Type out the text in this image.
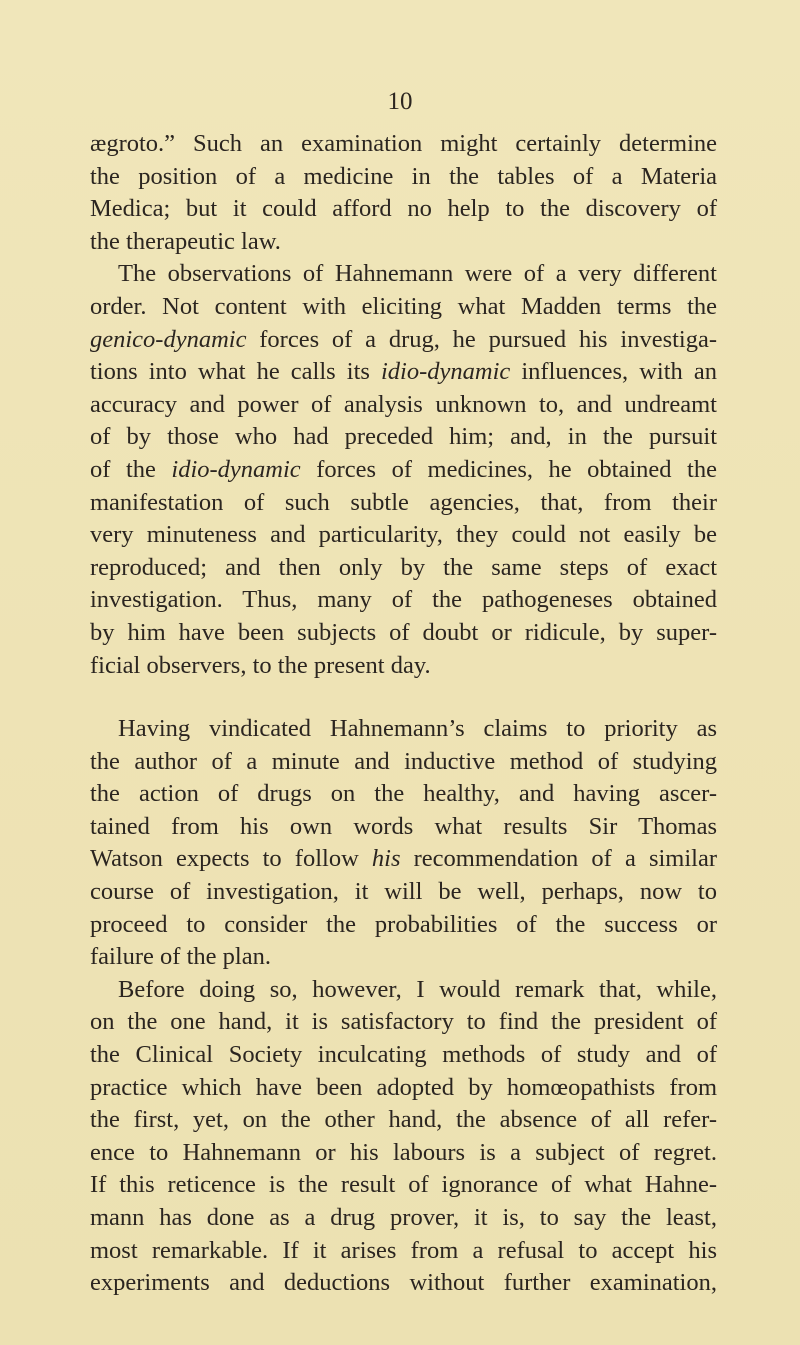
10
ægroto.” Such an examination might certainly determine
the position of a medicine in the tables of a Materia
Medica; but it could afford no help to the discovery of
the therapeutic law.
The observations of Hahnemann were of a very different
order. Not content with eliciting what Madden terms the
genico-dynamic forces of a drug, he pursued his investiga-
tions into what he calls its idio-dynamic influences, with an
accuracy and power of analysis unknown to, and undreamt
of by those who had preceded him; and, in the pursuit
of the idio-dynamic forces of medicines, he obtained the
manifestation of such subtle agencies, that, from their
very minuteness and particularity, they could not easily be
reproduced; and then only by the same steps of exact
investigation. Thus, many of the pathogeneses obtained
by him have been subjects of doubt or ridicule, by super-
ficial observers, to the present day.
Having vindicated Hahnemann’s claims to priority as
the author of a minute and inductive method of studying
the action of drugs on the healthy, and having ascer-
tained from his own words what results Sir Thomas
Watson expects to follow his recommendation of a similar
course of investigation, it will be well, perhaps, now to
proceed to consider the probabilities of the success or
failure of the plan.
Before doing so, however, I would remark that, while,
on the one hand, it is satisfactory to find the president of
the Clinical Society inculcating methods of study and of
practice which have been adopted by homœopathists from
the first, yet, on the other hand, the absence of all refer-
ence to Hahnemann or his labours is a subject of regret.
If this reticence is the result of ignorance of what Hahne-
mann has done as a drug prover, it is, to say the least,
most remarkable. If it arises from a refusal to accept his
experiments and deductions without further examination,
